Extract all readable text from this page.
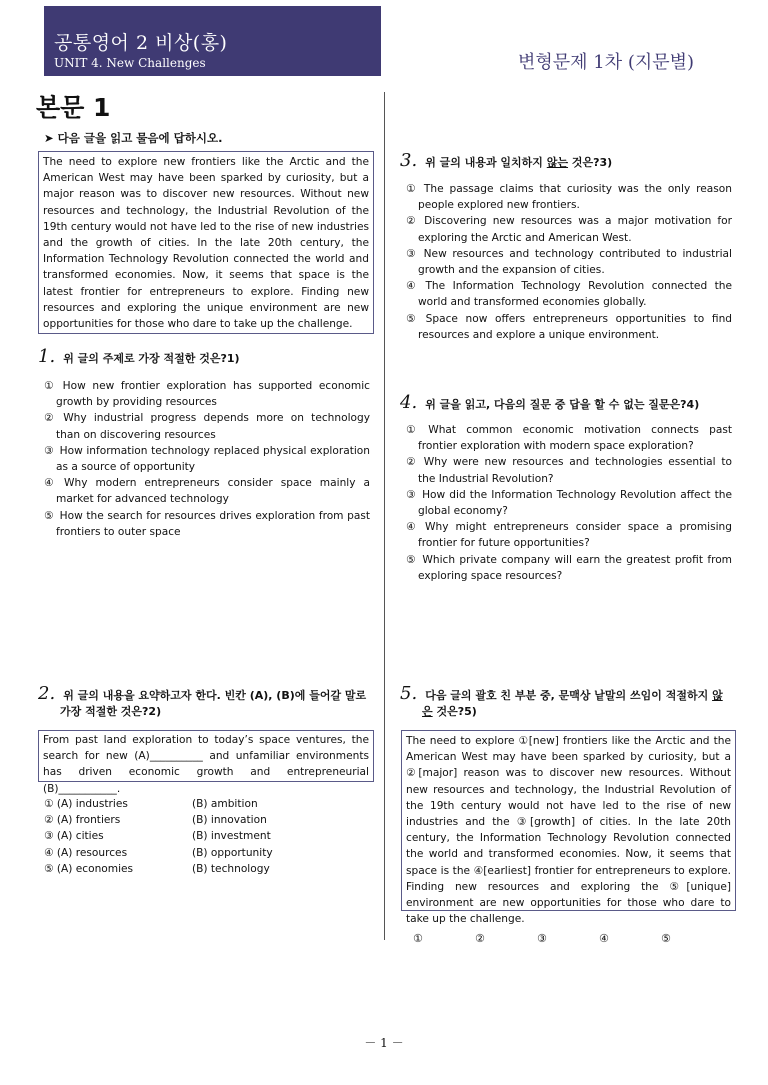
공통영어 2 비상(홍)
UNIT 4. New Challenges	변형문제 1차 (지문별)
본문 1
➤ 다음 글을 읽고 물음에 답하시오.
The need to explore new frontiers like the Arctic and the American West may have been sparked by curiosity, but a major reason was to discover new resources. Without new resources and technology, the Industrial Revolution of the 19th century would not have led to the rise of new industries and the growth of cities. In the late 20th century, the Information Technology Revolution connected the world and transformed economies. Now, it seems that space is the latest frontier for entrepreneurs to explore. Finding new resources and exploring the unique environment are new opportunities for those who dare to take up the challenge.
1. 위 글의 주제로 가장 적절한 것은?1)

① How new frontier exploration has supported economic growth by providing resources

② Why industrial progress depends more on technology than on discovering resources

③ How information technology replaced physical exploration as a source of opportunity

④ Why modern entrepreneurs consider space mainly a market for advanced technology

⑤ How the search for resources drives exploration from past frontiers to outer space

2. 위 글의 내용을 요약하고자 한다. 빈칸 (A), (B)에 들어갈 말로
가장 적절한 것은?2)
From past land exploration to today’s space ventures, the search for new (A)__________ and unfamiliar environments has driven economic growth and entrepreneurial (B)___________.
① (A) industries	(B) ambition
② (A) frontiers	(B) innovation
③ (A) cities	(B) investment
④ (A) resources	(B) opportunity
⑤ (A) economies	(B) technology
3. 위 글의 내용과 일치하지 않는 것은?3)

① The passage claims that curiosity was the only reason people explored new frontiers.

② Discovering new resources was a major motivation for exploring the Arctic and American West.

③ New resources and technology contributed to industrial growth and the expansion of cities.

④ The Information Technology Revolution connected the world and transformed economies globally.

⑤ Space now offers entrepreneurs opportunities to find resources and explore a unique environment.

4. 위 글을 읽고, 다음의 질문 중 답을 할 수 없는 질문은?4)

① What common economic motivation connects past frontier exploration with modern space exploration?

② Why were new resources and technologies essential to the Industrial Revolution?

③ How did the Information Technology Revolution affect the global economy?

④ Why might entrepreneurs consider space a promising frontier for future opportunities?

⑤ Which private company will earn the greatest profit from exploring space resources?

5. 다음 글의 괄호 친 부분 중, 문맥상 낱말의 쓰임이 적절하지 않
은 것은?5)
The need to explore ①[new] frontiers like the Arctic and the American West may have been sparked by curiosity, but a ②[major] reason was to discover new resources. Without new resources and technology, the Industrial Revolution of the 19th century would not have led to the rise of new industries and the ③[growth] of cities. In the late 20th century, the Information Technology Revolution connected the world and transformed economies. Now, it seems that space is the ④[earliest] frontier for entrepreneurs to explore. Finding new resources and exploring the ⑤[unique] environment are new opportunities for those who dare to take up the challenge.
①	②	③	④	⑤
－ 1 －
